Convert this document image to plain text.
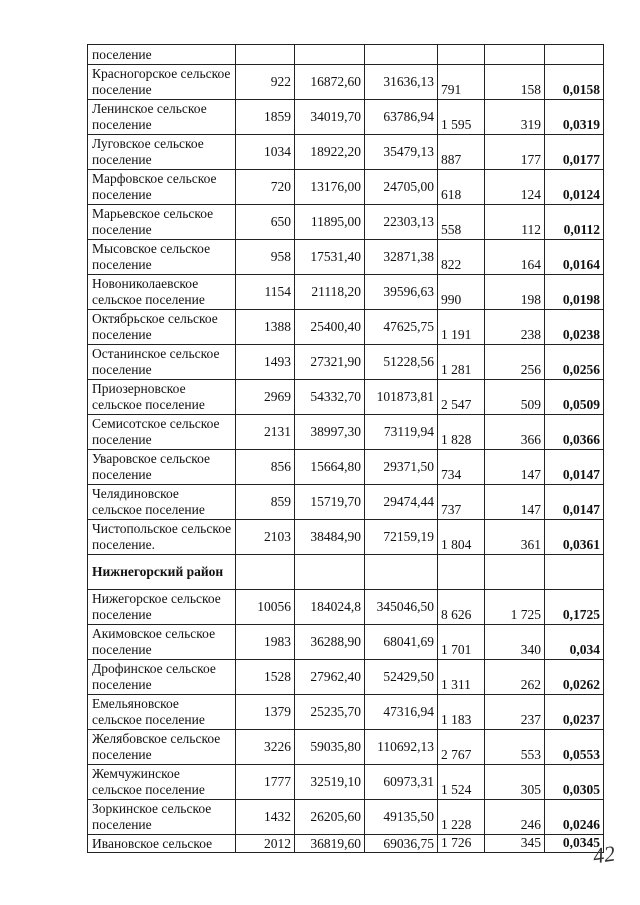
поселение						
Красногорское сельское поселение	922	16872,60	31636,13	791	158	0,0158
Ленинское сельское поселение	1859	34019,70	63786,94	1 595	319	0,0319
Луговское сельское поселение	1034	18922,20	35479,13	887	177	0,0177
Марфовское сельское поселение	720	13176,00	24705,00	618	124	0,0124
Марьевское сельское поселение	650	11895,00	22303,13	558	112	0,0112
Мысовское сельское поселение	958	17531,40	32871,38	822	164	0,0164
Новониколаевское сельское поселение	1154	21118,20	39596,63	990	198	0,0198
Октябрьское сельское поселение	1388	25400,40	47625,75	1 191	238	0,0238
Останинское сельское поселение	1493	27321,90	51228,56	1 281	256	0,0256
Приозерновское сельское поселение	2969	54332,70	101873,81	2 547	509	0,0509
Семисотское сельское поселение	2131	38997,30	73119,94	1 828	366	0,0366
Уваровское сельское поселение	856	15664,80	29371,50	734	147	0,0147
Челядиновское сельское поселение	859	15719,70	29474,44	737	147	0,0147
Чистопольское сельское поселение.	2103	38484,90	72159,19	1 804	361	0,0361
Нижнегорский район						
Нижегорское сельское поселение	10056	184024,8	345046,50	8 626	1 725	0,1725
Акимовское сельское поселение	1983	36288,90	68041,69	1 701	340	0,034
Дрофинское сельское поселение	1528	27962,40	52429,50	1 311	262	0,0262
Емельяновское сельское поселение	1379	25235,70	47316,94	1 183	237	0,0237
Желябовское сельское поселение	3226	59035,80	110692,13	2 767	553	0,0553
Жемчужинское сельское поселение	1777	32519,10	60973,31	1 524	305	0,0305
Зоркинское сельское поселение	1432	26205,60	49135,50	1 228	246	0,0246
Ивановское сельское	2012	36819,60	69036,75	1 726	345	0,0345
42
